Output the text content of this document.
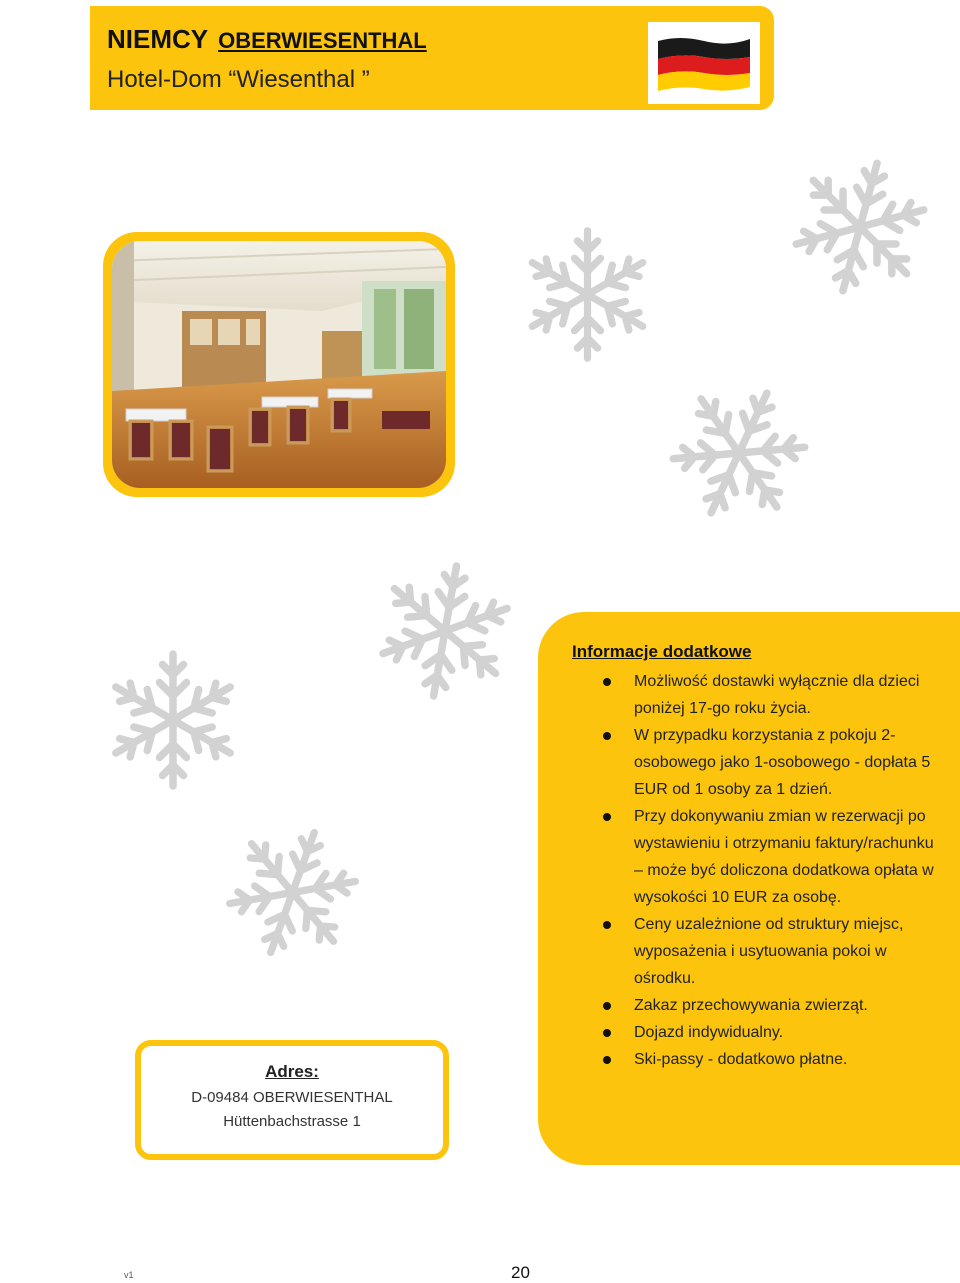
NIEMCY OBERWIESENTHAL
Hotel-Dom “Wiesenthal ”
Adres:
D-09484 OBERWIESENTHAL
Hüttenbachstrasse 1
Informacje dodatkowe
Możliwość dostawki wyłącznie dla dzieci poniżej 17-go roku życia.
W przypadku korzystania z pokoju 2-osobowego jako 1-osobowego - dopłata 5 EUR od 1 osoby za 1 dzień.
Przy dokonywaniu zmian w rezerwacji po wystawieniu i otrzymaniu faktury/rachunku – może być doliczona dodatkowa opłata w wysokości 10 EUR za osobę.
Ceny uzależnione od struktury miejsc, wyposażenia i usytuowania pokoi w ośrodku.
Zakaz przechowywania zwierząt.
Dojazd indywidualny.
Ski-passy - dodatkowo płatne.
v1	20
